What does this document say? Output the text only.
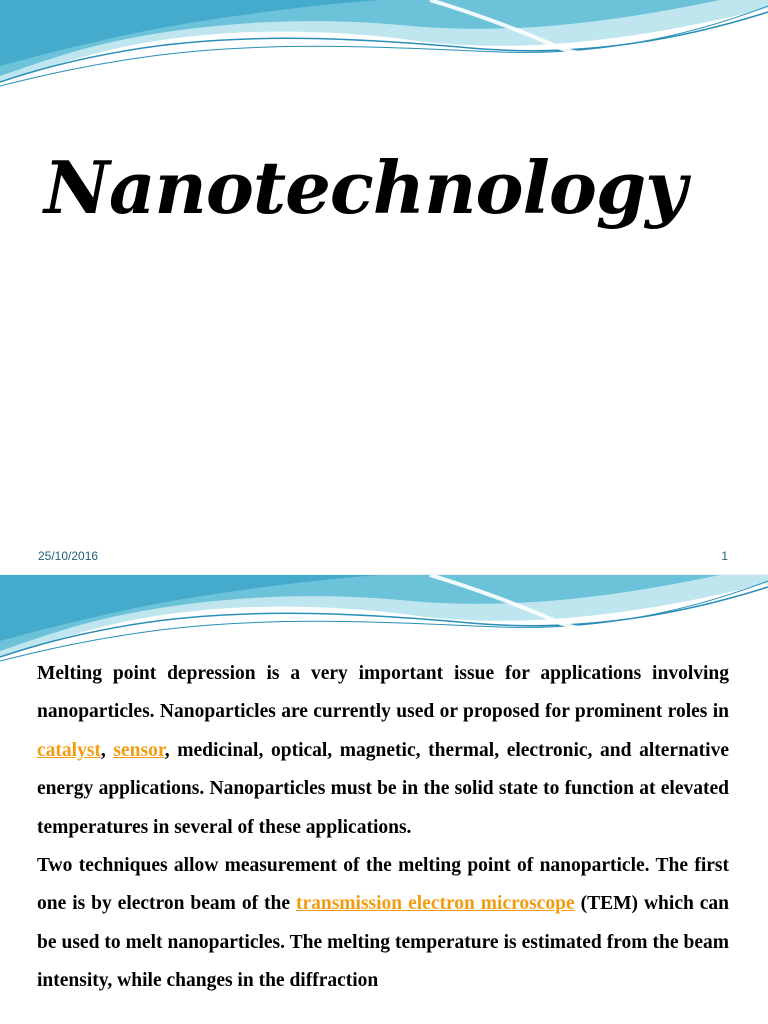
Nanotechnology
25/10/2016	1

Melting point depression is a very important issue for applications involving nanoparticles. Nanoparticles are currently used or proposed for prominent roles in catalyst, sensor, medicinal, optical, magnetic, thermal, electronic, and alternative energy applications. Nanoparticles must be in the solid state to function at elevated temperatures in several of these applications.

Two techniques allow measurement of the melting point of nanoparticle. The first one is by electron beam of the transmission electron microscope (TEM) which can be used to melt nanoparticles. The melting temperature is estimated from the beam intensity, while changes in the diffraction
